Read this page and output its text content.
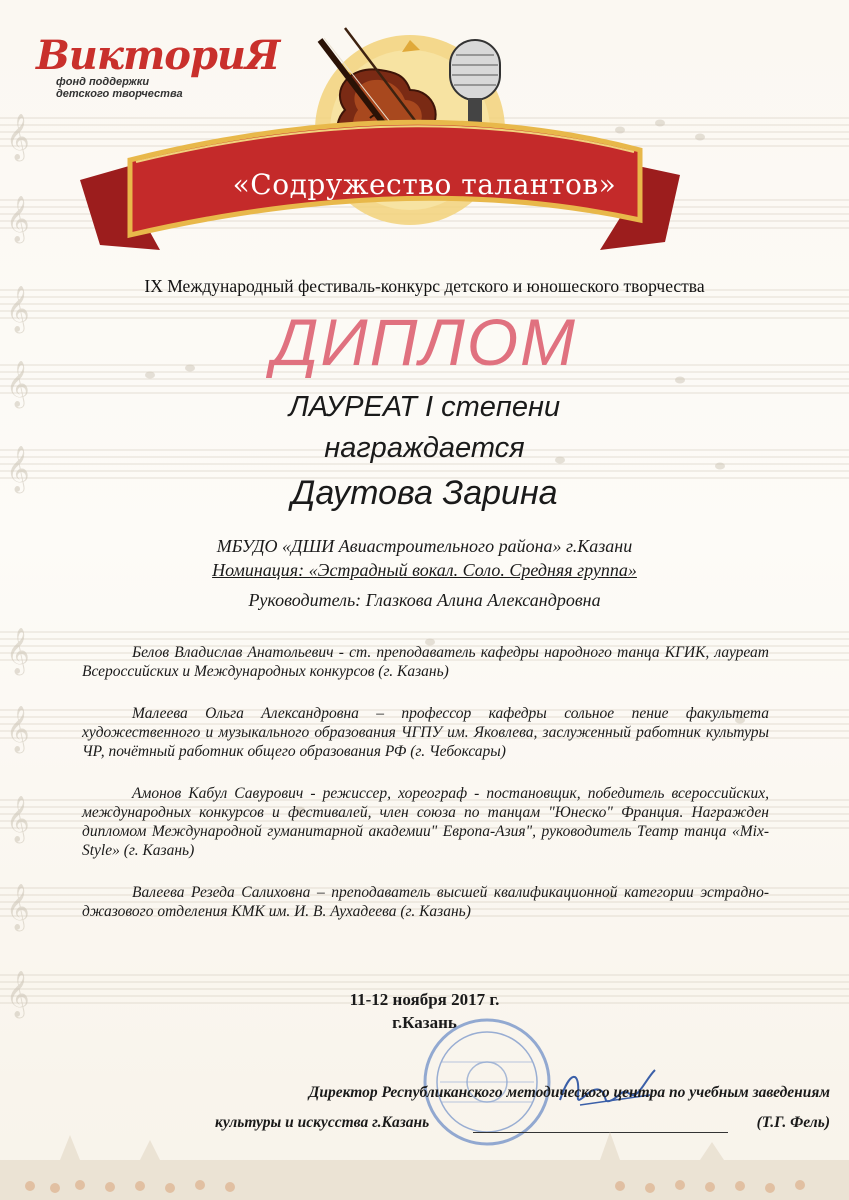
𝄞
𝄞
𝄞
𝄞
𝄞
𝄞
𝄞
𝄞
𝄞
𝄞
ВикториЯ
фонд поддержки
детского творчества
«Содружество талантов»
IX Международный фестиваль-конкурс детского и юношеского творчества
ДИПЛОМ
ЛАУРЕАТ I степени
награждается
Даутова Зарина
МБУДО «ДШИ Авиастроительного района» г.Казани
Номинация: «Эстрадный вокал. Соло. Средняя группа»
Руководитель: Глазкова Алина Александровна

Белов Владислав Анатольевич - ст. преподаватель кафедры народного танца КГИК, лауреат Всероссийских и Международных конкурсов (г. Казань)

Малеева Ольга Александровна – профессор кафедры сольное пение факультета художественного и музыкального образования ЧГПУ им. Яковлева, заслуженный работник культуры ЧР, почётный работник общего образования РФ (г. Чебоксары)

Амонов Кабул Савурович - режиссер, хореограф - постановщик, победитель всероссийских, международных конкурсов и фестивалей, член союза по танцам "Юнеско" Франция. Награжден дипломом Международной гуманитарной академии" Европа-Азия", руководитель Театр танца «Mix-Style» (г. Казань)

Валеева Резеда Салиховна – преподаватель высшей квалификационной категории эстрадно-джазового отделения КМК им. И. В. Аухадеева (г. Казань)

11-12 ноября 2017 г.
г.Казань
Директор Республиканского методического центра по учебным заведениям
культуры и искусства г.Казань	(Т.Г. Фель)
